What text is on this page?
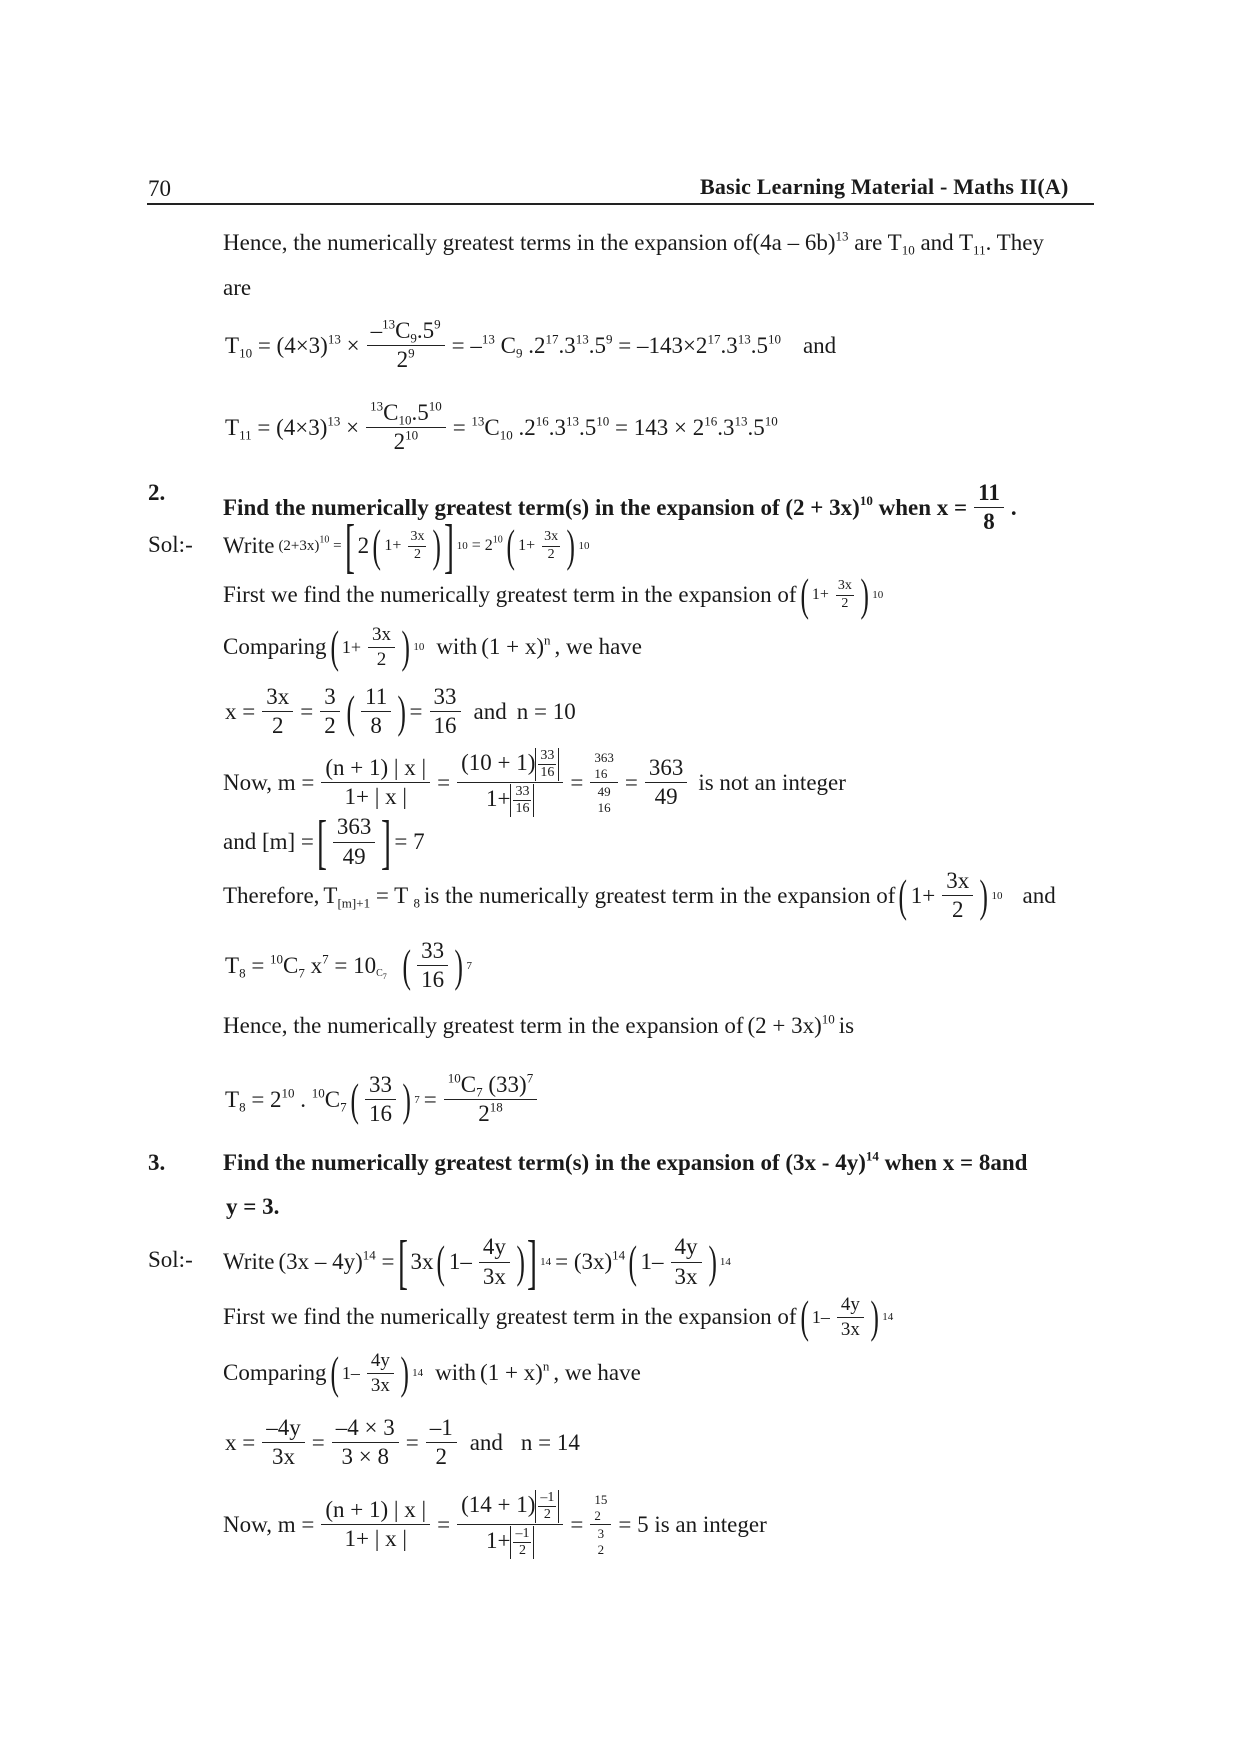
70	Basic Learning Material - Maths II(A)
Hence, the numerically greatest terms in the expansion of(4a – 6b)$^{13}$ are $T_{10}$ and $T_{11}$. They
are
$T_{10} = (4\times 3)^{13} \times \frac{-^{13}C_9.5^9}{2^9} = -^{13}$ $C_9$ $.2^{17}.3^{13}.5^9 = -143\times 2^{17}.3^{13}.5^{10}$ and
$T_{11} = (4\times 3)^{13} \times \frac{^{13}C_{10}.5^{10}}{2^{10}} = ^{13}C_{10}$ $.2^{16}.3^{13}.5^{10} = 143 \times 2^{16}.3^{13}.5^{10}$
2.
Find the numerically greatest term(s) in the expansion of $(2 + 3x)^{10}$ when $x = \frac{11}{8}$ .
Sol:- Write $(2+3x)^{10}$ = [ 2 ( $1+ \frac{3x}{2}$ ) ] $10 = 2^{10}$ ( $1+ \frac{3x}{2}$ ) 10
First we find the numerically greatest term in the expansion of ( $1+ \frac{3x}{2}$ ) 10
Comparing ( $1+ \frac{3x}{2}$ ) 10 with $(1 + x)^n$ , we have
$x = \frac{3x}{2} = \frac{3}{2}$ ( $\frac{11}{8}$ ) = $\frac{33}{16}$ and n = 10
Now, $m = \frac{(n + 1) | x |}{1+ | x |} = \frac{(10 + 1) \frac{33}{16}}{1+ \frac{33}{16}}$ =
363
16
49
16
= $\frac{363}{49}$ is not an integer
and [m] = [ $\frac{363}{49}$ ] = 7
Therefore, $T_{[m]+1} = T$ $_8$ is the numerically greatest term in the expansion of ( $1+ \frac{3x}{2}$ ) 10 and
$T_8 = ^{10}C_7$ $x^7 = 10_{C_7}$ ( $\frac{33}{16}$ ) 7
Hence, the numerically greatest term in the expansion of $(2 + 3x)^{10}$ is
$T_8 = 2^{10}$ . $^{10}C_7$ ( $\frac{33}{16}$ ) $7 = \frac{^{10}C_7 (33)^7}{2^{18}}$
3.	Find the numerically greatest term(s) in the expansion of (3x - 4y)$^{14}$ when x = 8and
y = 3.
Sol:- Write (3x – 4y)$^{14}$ = [ 3x ( $1- \frac{4y}{3x}$ ) ] $14 = (3x)^{14}$ ( $1- \frac{4y}{3x}$ ) 14
First we find the numerically greatest term in the expansion of ( $1- \frac{4y}{3x}$ ) 14
Comparing ( $1- \frac{4y}{3x}$ ) 14 with $(1 + x)^n$ , we have
$x = \frac{-4y}{3x} = \frac{-4 \times 3}{3 \times 8} = \frac{-1}{2}$ and n = 14
Now, $m = \frac{(n + 1) | x |}{1+ | x |} = \frac{(14 + 1) \frac{-1}{2}}{1+ \frac{-1}{2}}$ =
15
2
3
2
= 5 is an integer
